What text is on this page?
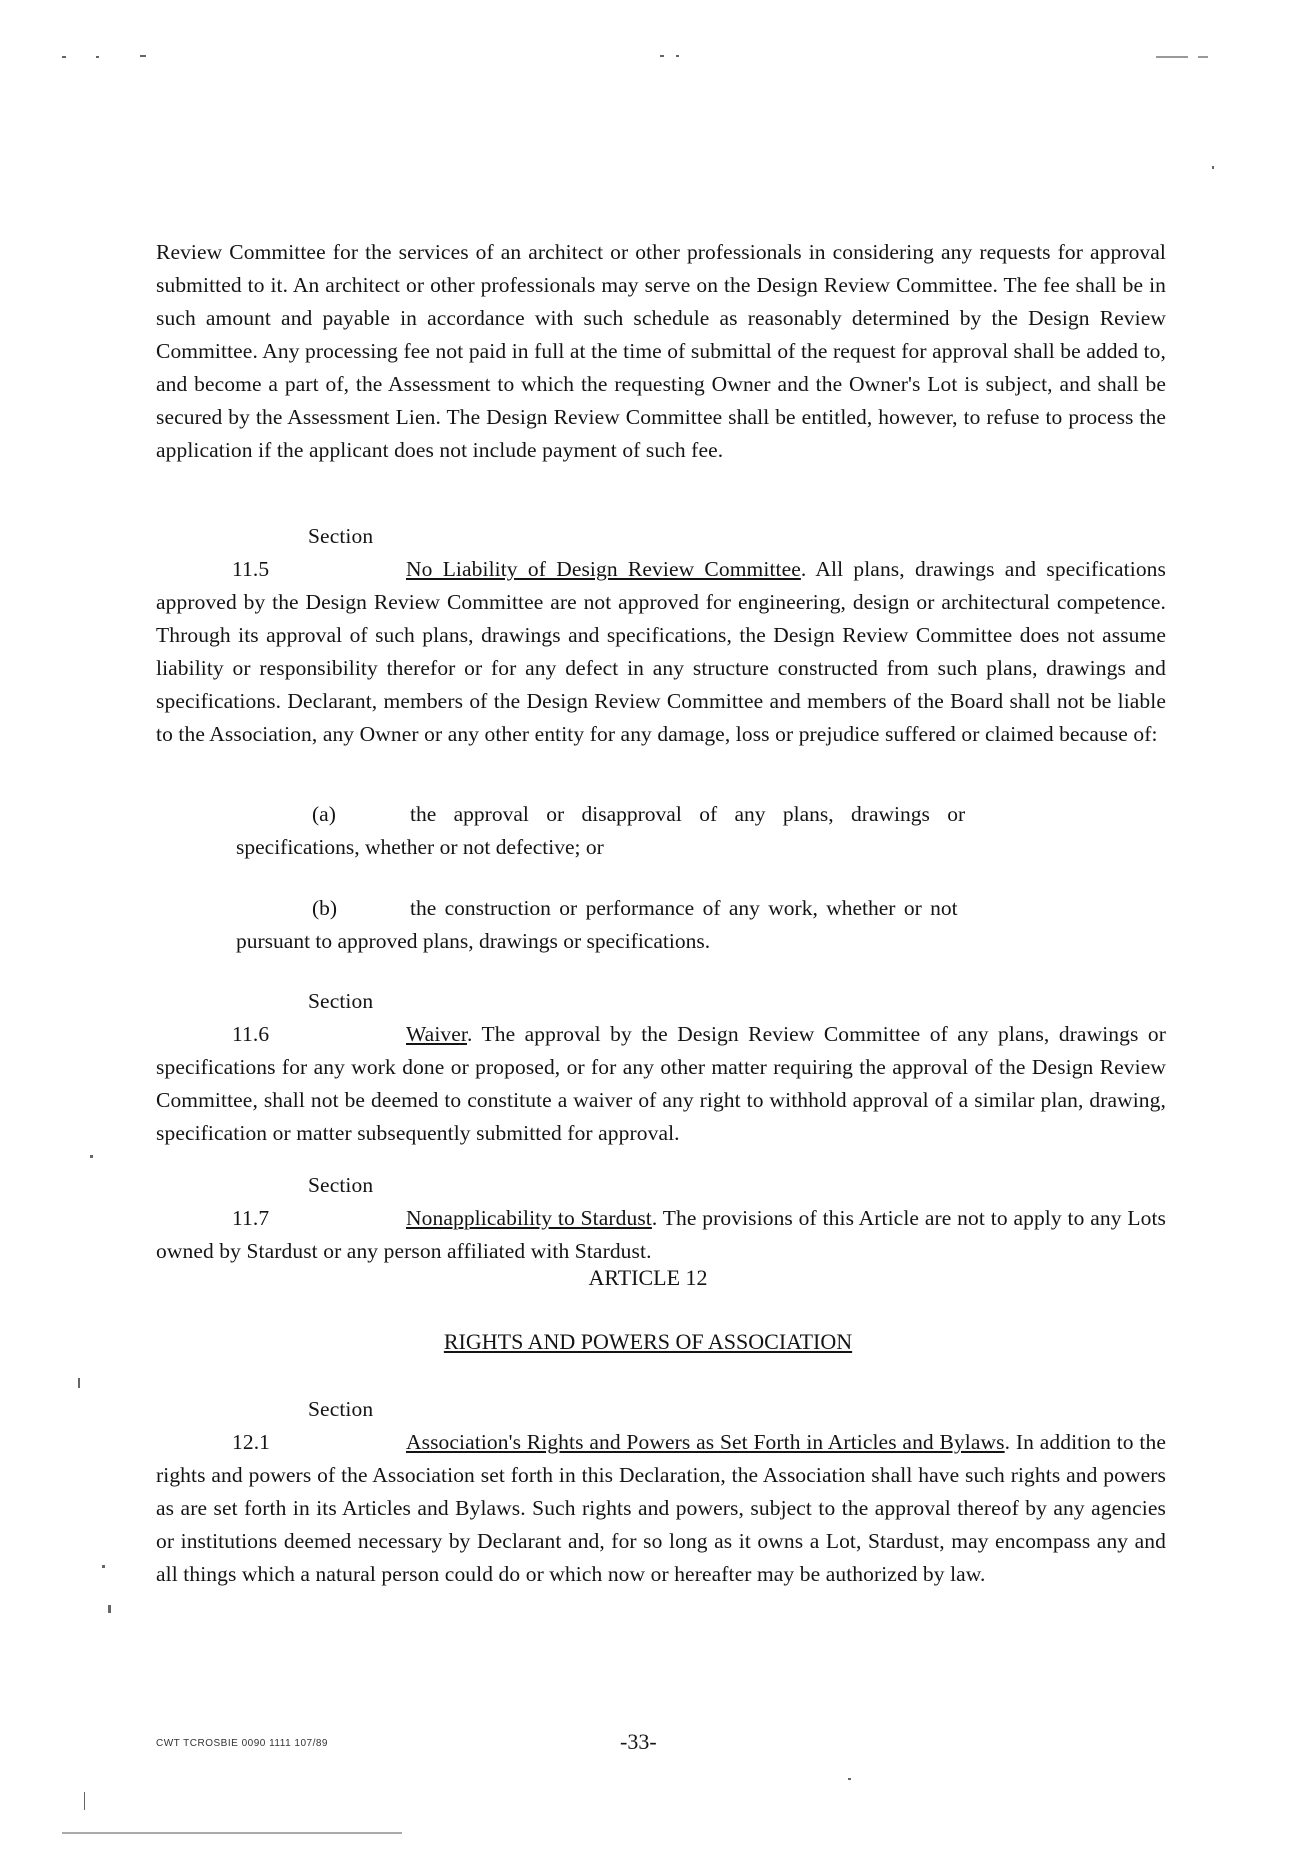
Review Committee for the services of an architect or other professionals in considering any requests for approval submitted to it. An architect or other professionals may serve on the Design Review Committee. The fee shall be in such amount and payable in accordance with such schedule as reasonably determined by the Design Review Committee. Any processing fee not paid in full at the time of submittal of the request for approval shall be added to, and become a part of, the Assessment to which the requesting Owner and the Owner's Lot is subject, and shall be secured by the Assessment Lien. The Design Review Committee shall be entitled, however, to refuse to process the application if the applicant does not include payment of such fee.
Section 11.5	No Liability of Design Review Committee. All plans, drawings and specifications approved by the Design Review Committee are not approved for engineering, design or architectural competence. Through its approval of such plans, drawings and specifications, the Design Review Committee does not assume liability or responsibility therefor or for any defect in any structure constructed from such plans, drawings and specifications. Declarant, members of the Design Review Committee and members of the Board shall not be liable to the Association, any Owner or any other entity for any damage, loss or prejudice suffered or claimed because of:
(a)	the approval or disapproval of any plans, drawings or
specifications, whether or not defective; or
(b)	the construction or performance of any work, whether or not
pursuant to approved plans, drawings or specifications.
Section 11.6	Waiver. The approval by the Design Review Committee of any plans, drawings or specifications for any work done or proposed, or for any other matter requiring the approval of the Design Review Committee, shall not be deemed to constitute a waiver of any right to withhold approval of a similar plan, drawing, specification or matter subsequently submitted for approval.
Section 11.7	Nonapplicability to Stardust. The provisions of this Article are not to apply to any Lots owned by Stardust or any person affiliated with Stardust.
ARTICLE 12
RIGHTS AND POWERS OF ASSOCIATION
Section 12.1	Association's Rights and Powers as Set Forth in Articles and Bylaws. In addition to the rights and powers of the Association set forth in this Declaration, the Association shall have such rights and powers as are set forth in its Articles and Bylaws. Such rights and powers, subject to the approval thereof by any agencies or institutions deemed necessary by Declarant and, for so long as it owns a Lot, Stardust, may encompass any and all things which a natural person could do or which now or hereafter may be authorized by law.
CWT TCROSBIE 0090 1111 107/89	-33-
